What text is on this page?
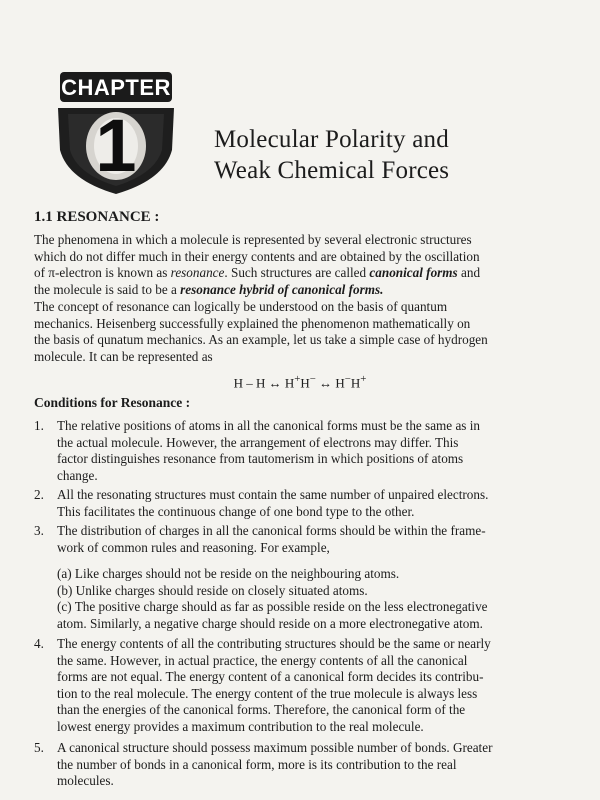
CHAPTER
1	Molecular Polarity and
Weak Chemical Forces
1.1 RESONANCE :
The phenomena in which a molecule is represented by several electronic structures
which do not differ much in their energy contents and are obtained by the oscillation
of π-electron is known as resonance. Such structures are called canonical forms and
the molecule is said to be a resonance hybrid of canonical forms.
The concept of resonance can logically be understood on the basis of quantum
mechanics. Heisenberg successfully explained the phenomenon mathematically on
the basis of qunatum mechanics. As an example, let us take a simple case of hydrogen
molecule. It can be represented as
H – H ↔ H+H− ↔ H−H+
Conditions for Resonance :
1. The relative positions of atoms in all the canonical forms must be the same as in
the actual molecule. However, the arrangement of electrons may differ. This
factor distinguishes resonance from tautomerism in which positions of atoms
change.
2. All the resonating structures must contain the same number of unpaired electrons.
This facilitates the continuous change of one bond type to the other.
3. The distribution of charges in all the canonical forms should be within the frame-
work of common rules and reasoning. For example,
(a) Like charges should not be reside on the neighbouring atoms.
(b) Unlike charges should reside on closely situated atoms.
(c) The positive charge should as far as possible reside on the less electronegative
atom. Similarly, a negative charge should reside on a more electronegative atom.
4. The energy contents of all the contributing structures should be the same or nearly
the same. However, in actual practice, the energy contents of all the canonical
forms are not equal. The energy content of a canonical form decides its contribu-
tion to the real molecule. The energy content of the true molecule is always less
than the energies of the canonical forms. Therefore, the canonical form of the
lowest energy provides a maximum contribution to the real molecule.
5. A canonical structure should possess maximum possible number of bonds. Greater
the number of bonds in a canonical form, more is its contribution to the real
molecules.
